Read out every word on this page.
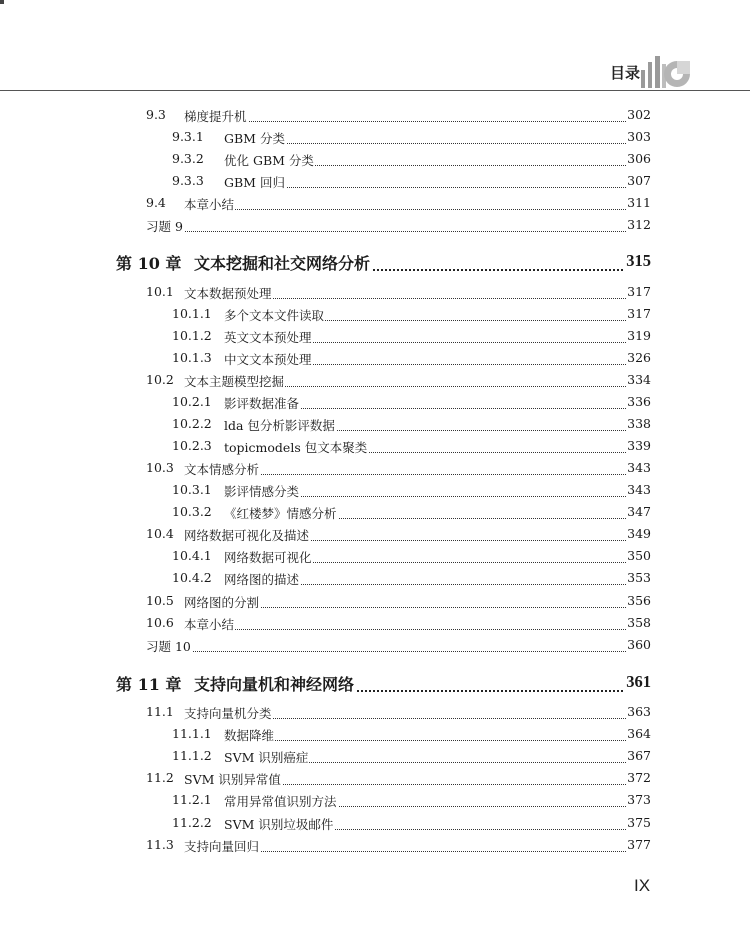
目录
9.3 梯度提升机	302
9.3.1 GBM 分类	303
9.3.2 优化 GBM 分类	306
9.3.3 GBM 回归	307
9.4 本章小结	311
习题 9	312
第 10 章 文本挖掘和社交网络分析	315
10.1 文本数据预处理	317
10.1.1 多个文本文件读取	317
10.1.2 英文文本预处理	319
10.1.3 中文文本预处理	326
10.2 文本主题模型挖掘	334
10.2.1 影评数据准备	336
10.2.2 lda 包分析影评数据	338
10.2.3 topicmodels 包文本聚类	339
10.3 文本情感分析	343
10.3.1 影评情感分类	343
10.3.2 《红楼梦》情感分析	347
10.4 网络数据可视化及描述	349
10.4.1 网络数据可视化	350
10.4.2 网络图的描述	353
10.5 网络图的分割	356
10.6 本章小结	358
习题 10	360
第 11 章 支持向量机和神经网络	361
11.1 支持向量机分类	363
11.1.1 数据降维	364
11.1.2 SVM 识别癌症	367
11.2 SVM 识别异常值	372
11.2.1 常用异常值识别方法	373
11.2.2 SVM 识别垃圾邮件	375
11.3 支持向量回归	377
IX
